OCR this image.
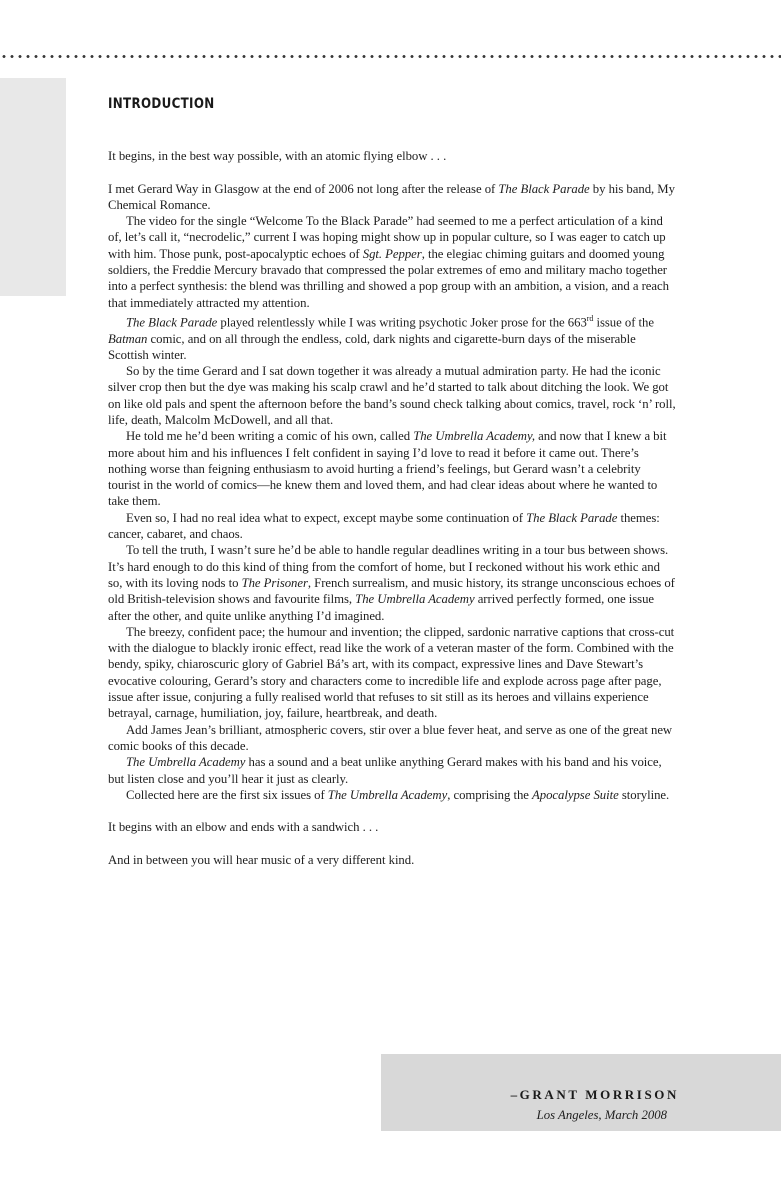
INTRODUCTION

It begins, in the best way possible, with an atomic flying elbow . . .

I met Gerard Way in Glasgow at the end of 2006 not long after the release of The Black Parade by his band, My Chemical Romance.

The video for the single “Welcome To the Black Parade” had seemed to me a perfect articulation of a kind of, let’s call it, “necrodelic,” current I was hoping might show up in popular culture, so I was eager to catch up with him. Those punk, post-apocalyptic echoes of Sgt. Pepper, the elegiac chiming guitars and doomed young soldiers, the Freddie Mercury bravado that compressed the polar extremes of emo and military macho together into a perfect synthesis: the blend was thrilling and showed a pop group with an ambition, a vision, and a reach that immediately attracted my attention.

The Black Parade played relentlessly while I was writing psychotic Joker prose for the 663rd issue of the Batman comic, and on all through the endless, cold, dark nights and cigarette-burn days of the miserable Scottish winter.

So by the time Gerard and I sat down together it was already a mutual admiration party. He had the iconic silver crop then but the dye was making his scalp crawl and he’d started to talk about ditching the look. We got on like old pals and spent the afternoon before the band’s sound check talking about comics, travel, rock ‘n’ roll, life, death, Malcolm McDowell, and all that.

He told me he’d been writing a comic of his own, called The Umbrella Academy, and now that I knew a bit more about him and his influences I felt confident in saying I’d love to read it before it came out. There’s nothing worse than feigning enthusiasm to avoid hurting a friend’s feelings, but Gerard wasn’t a celebrity tourist in the world of comics—he knew them and loved them, and had clear ideas about where he wanted to take them.

Even so, I had no real idea what to expect, except maybe some continuation of The Black Parade themes: cancer, cabaret, and chaos.

To tell the truth, I wasn’t sure he’d be able to handle regular deadlines writing in a tour bus between shows. It’s hard enough to do this kind of thing from the comfort of home, but I reckoned without his work ethic and so, with its loving nods to The Prisoner, French surrealism, and music history, its strange unconscious echoes of old British-television shows and favourite films, The Umbrella Academy arrived perfectly formed, one issue after the other, and quite unlike anything I’d imagined.

The breezy, confident pace; the humour and invention; the clipped, sardonic narrative captions that cross-cut with the dialogue to blackly ironic effect, read like the work of a veteran master of the form. Combined with the bendy, spiky, chiaroscuric glory of Gabriel Bá’s art, with its compact, expressive lines and Dave Stewart’s evocative colouring, Gerard’s story and characters come to incredible life and explode across page after page, issue after issue, conjuring a fully realised world that refuses to sit still as its heroes and villains experience betrayal, carnage, humiliation, joy, failure, heartbreak, and death.

Add James Jean’s brilliant, atmospheric covers, stir over a blue fever heat, and serve as one of the great new comic books of this decade.

The Umbrella Academy has a sound and a beat unlike anything Gerard makes with his band and his voice, but listen close and you’ll hear it just as clearly.

Collected here are the first six issues of The Umbrella Academy, comprising the Apocalypse Suite storyline.

It begins with an elbow and ends with a sandwich . . .

And in between you will hear music of a very different kind.

–GRANT MORRISON
Los Angeles, March 2008
